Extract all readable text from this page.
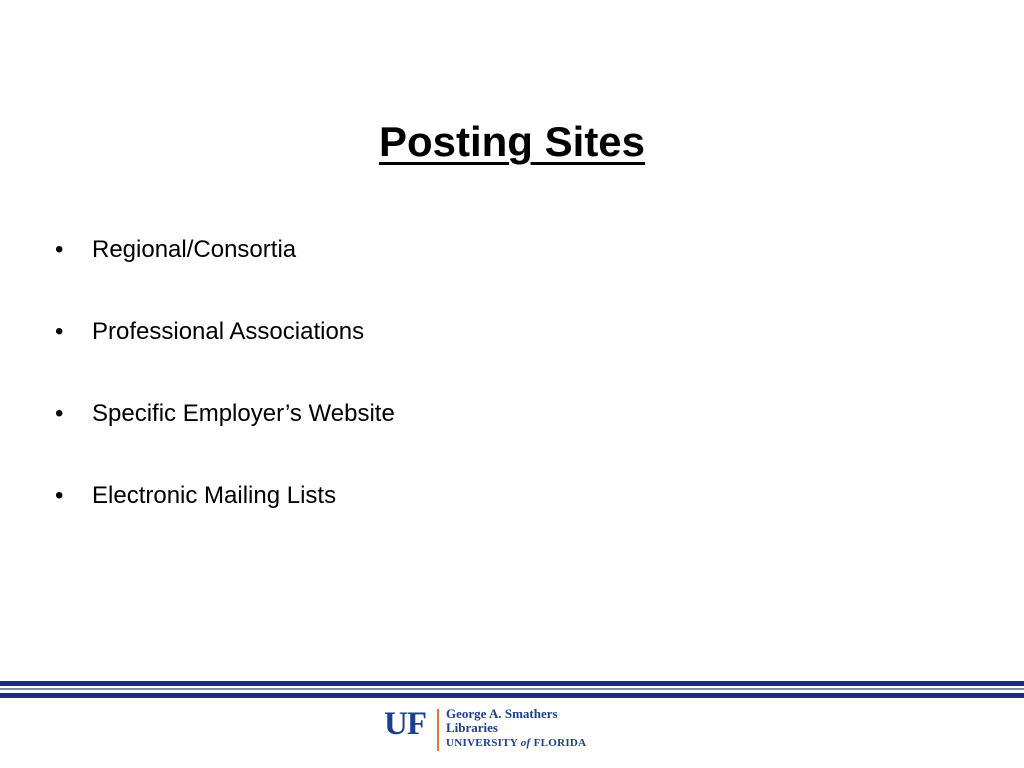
Posting Sites
•	Regional/Consortia
•	Professional Associations
•	Specific Employer’s Website
•	Electronic Mailing Lists
UF George A. Smathers
Libraries
UNIVERSITY of FLORIDA
